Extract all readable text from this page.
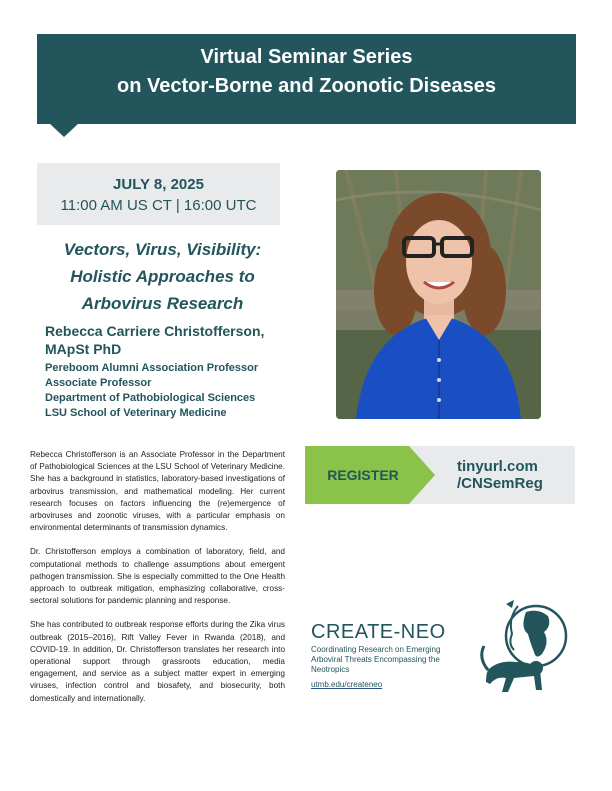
Virtual Seminar Series
on Vector-Borne and Zoonotic Diseases
JULY 8, 2025
11:00 AM US CT | 16:00 UTC
Vectors, Virus, Visibility:
Holistic Approaches to
Arbovirus Research
Rebecca Carriere Christofferson,
MApSt PhD
Pereboom Alumni Association Professor
Associate Professor
Department of Pathobiological Sciences
LSU School of Veterinary Medicine

Rebecca Christofferson is an Associate Professor in the Department of Pathobiological Sciences at the LSU School of Veterinary Medicine. She has a background in statistics, laboratory-based investigations of arbovirus transmission, and mathematical modeling. Her current research focuses on factors influencing the (re)emergence of arboviruses and zoonotic viruses, with a particular emphasis on environmental determinants of transmission dynamics.

Dr. Christofferson employs a combination of laboratory, field, and computational methods to challenge assumptions about emergent pathogen transmission. She is especially committed to the One Health approach to outbreak mitigation, emphasizing collaborative, cross-sectoral solutions for pandemic planning and response.

She has contributed to outbreak response efforts during the Zika virus outbreak (2015–2016), Rift Valley Fever in Rwanda (2018), and COVID-19. In addition, Dr. Christofferson translates her research into operational support through grassroots education, media engagement, and service as a subject matter expert in emerging viruses, infection control and biosafety, and biosecurity, both domestically and internationally.

REGISTER	tinyurl.com
/CNSemReg
CREATE-NEO
Coordinating Research on Emerging Arboviral Threats Encompassing the Neotropics
utmb.edu/createneo
